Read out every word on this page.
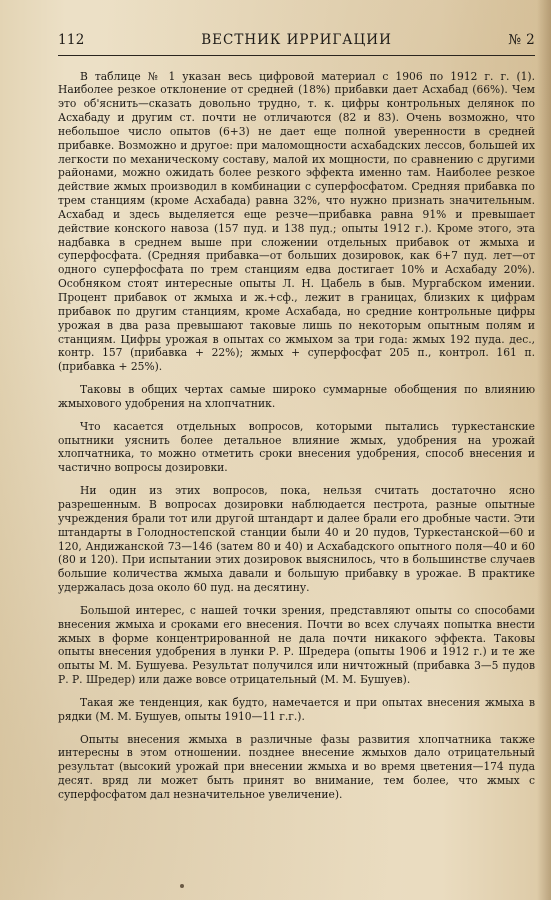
112	ВЕСТНИК ИРРИГАЦИИ	№ 2

В таблице № 1 указан весь цифровой материал с 1906 по 1912 г. г. (1). Наиболее резкое отклонение от средней (18%) прибавки дает Асхабад (66%). Чем это об'яснить—сказать довольно трудно, т. к. цифры контрольных делянок по Асхабаду и другим ст. почти не отличаются (82 и 83). Очень возможно, что небольшое число опытов (6+3) не дает еще полной уверенности в средней прибавке. Возможно и другое: при маломощности асхабадских лессов, большей их легкости по механическому составу, малой их мощности, по сравнению с другими районами, можно ожидать более резкого эффекта именно там. Наиболее резкое действие жмых производил в комбинации с суперфосфатом. Средняя прибавка по трем станциям (кроме Асхабада) равна 32%, что нужно признать значительным. Асхабад и здесь выделяется еще резче—прибавка равна 91% и превышает действие конского навоза (157 пуд. и 138 пуд.; опыты 1912 г.). Кроме этого, эта надбавка в среднем выше при сложении отдельных прибавок от жмыха и суперфосфата. (Средняя прибавка—от больших дозировок, как 6+7 пуд. лет—от одного суперфосфата по трем станциям едва достигает 10% и Асхабаду 20%). Особняком стоят интересные опыты Л. Н. Цабель в быв. Мургабском имении. Процент прибавок от жмыха и ж.+сф., лежит в границах, близких к цифрам прибавок по другим станциям, кроме Асхабада, но средние контрольные цифры урожая в два раза превышают таковые лишь по некоторым опытным полям и станциям. Цифры урожая в опытах со жмыхом за три года: жмых 192 пуда. дес., контр. 157 (прибавка + 22%); жмых + суперфосфат 205 п., контрол. 161 п. (прибавка + 25%).

Таковы в общих чертах самые широко суммарные обобщения по влиянию жмыхового удобрения на хлопчатник.

Что касается отдельных вопросов, которыми пытались туркестанские опытники уяснить более детальное влияние жмых, удобрения на урожай хлопчатника, то можно отметить сроки внесения удобрения, способ внесения и частично вопросы дозировки.

Ни один из этих вопросов, пока, нельзя считать достаточно ясно разрешенным. В вопросах дозировки наблюдается пестрота, разные опытные учреждения брали тот или другой штандарт и далее брали его дробные части. Эти штандарты в Голодностепской станции были 40 и 20 пудов, Туркестанской—60 и 120, Андижанской 73—146 (затем 80 и 40) и Асхабадского опытного поля—40 и 60 (80 и 120). При испытании этих дозировок выяснилось, что в большинстве случаев большие количества жмыха давали и большую прибавку в урожае. В практике удержалась доза около 60 пуд. на десятину.

Большой интерес, с нашей точки зрения, представляют опыты со способами внесения жмыха и сроками его внесения. Почти во всех случаях попытка внести жмых в форме концентрированной не дала почти никакого эффекта. Таковы опыты внесения удобрения в лунки Р. Р. Шредера (опыты 1906 и 1912 г.) и те же опыты М. М. Бушуева. Результат получился или ничтожный (прибавка 3—5 пудов Р. Р. Шредер) или даже вовсе отрицательный (М. М. Бушуев).

Такая же тенденция, как будто, намечается и при опытах внесения жмыха в рядки (М. М. Бушуев, опыты 1910—11 г.г.).

Опыты внесения жмыха в различные фазы развития хлопчатника также интересны в этом отношении. позднее внесение жмыхов дало отрицательный результат (высокий урожай при внесении жмыха и во время цветения—174 пуда десят. вряд ли может быть принят во внимание, тем более, что жмых с суперфосфатом дал незначительное увеличение).
